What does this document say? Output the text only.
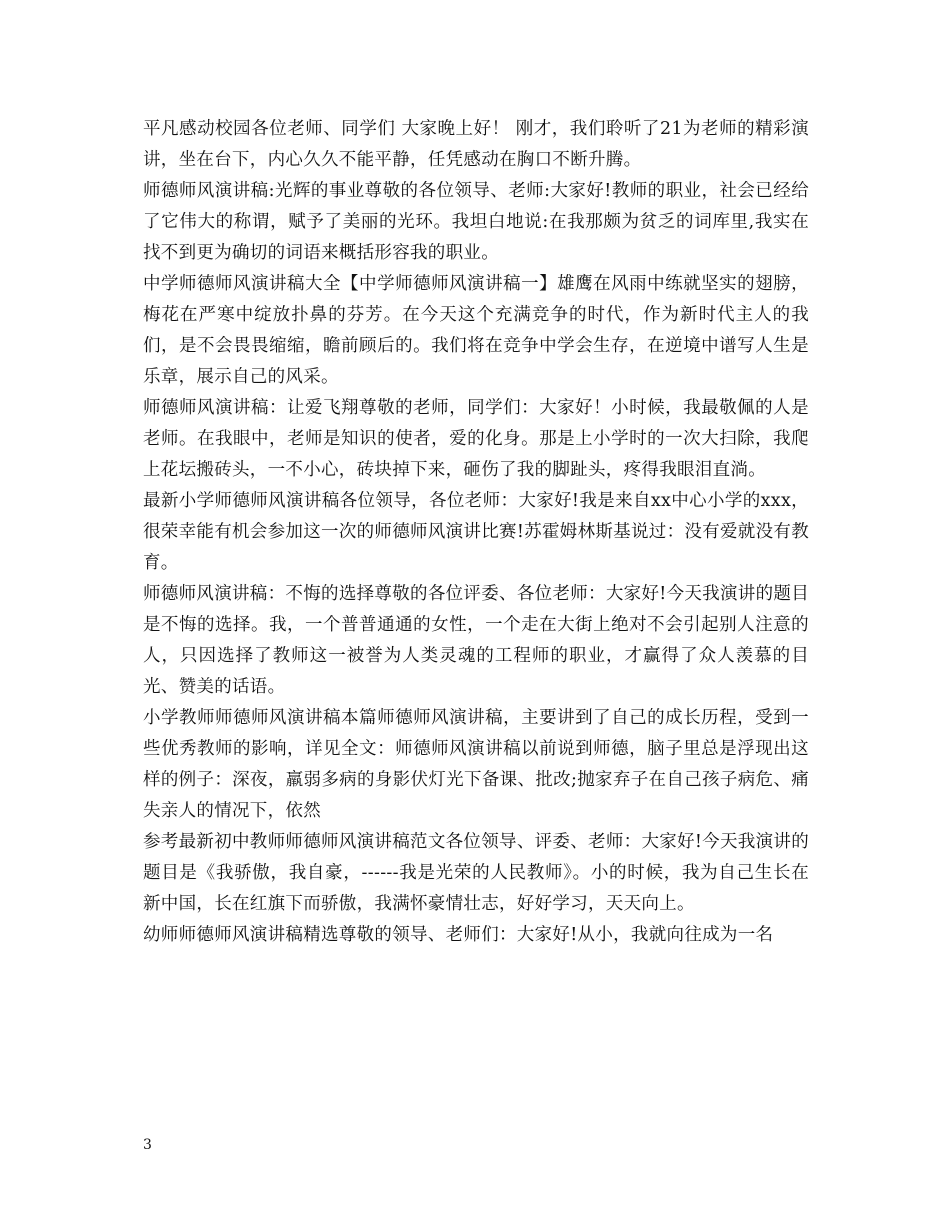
平凡感动校园各位老师、同学们 大家晚上好！ 刚才，我们聆听了21为老师的精彩演讲，坐在台下，内心久久不能平静，任凭感动在胸口不断升腾。

师德师风演讲稿:光辉的事业尊敬的各位领导、老师:大家好!教师的职业，社会已经给了它伟大的称谓，赋予了美丽的光环。我坦白地说:在我那颇为贫乏的词库里,我实在找不到更为确切的词语来概括形容我的职业。

中学师德师风演讲稿大全【中学师德师风演讲稿一】雄鹰在风雨中练就坚实的翅膀，梅花在严寒中绽放扑鼻的芬芳。在今天这个充满竞争的时代，作为新时代主人的我们，是不会畏畏缩缩，瞻前顾后的。我们将在竞争中学会生存，在逆境中谱写人生是乐章，展示自己的风采。

师德师风演讲稿：让爱飞翔尊敬的老师，同学们：大家好！小时候，我最敬佩的人是老师。在我眼中，老师是知识的使者，爱的化身。那是上小学时的一次大扫除，我爬上花坛搬砖头，一不小心，砖块掉下来，砸伤了我的脚趾头，疼得我眼泪直淌。

最新小学师德师风演讲稿各位领导，各位老师：大家好!我是来自xx中心小学的xxx，很荣幸能有机会参加这一次的师德师风演讲比赛!苏霍姆林斯基说过：没有爱就没有教育。

师德师风演讲稿：不悔的选择尊敬的各位评委、各位老师：大家好!今天我演讲的题目是不悔的选择。我，一个普普通通的女性，一个走在大街上绝对不会引起别人注意的人，只因选择了教师这一被誉为人类灵魂的工程师的职业，才赢得了众人羡慕的目光、赞美的话语。

小学教师师德师风演讲稿本篇师德师风演讲稿，主要讲到了自己的成长历程，受到一些优秀教师的影响，详见全文：师德师风演讲稿以前说到师德，脑子里总是浮现出这样的例子：深夜，羸弱多病的身影伏灯光下备课、批改;抛家弃子在自己孩子病危、痛失亲人的情况下，依然

参考最新初中教师师德师风演讲稿范文各位领导、评委、老师：大家好!今天我演讲的题目是《我骄傲，我自豪，------我是光荣的人民教师》。小的时候，我为自己生长在新中国，长在红旗下而骄傲，我满怀豪情壮志，好好学习，天天向上。

幼师师德师风演讲稿精选尊敬的领导、老师们：大家好!从小，我就向往成为一名

3
